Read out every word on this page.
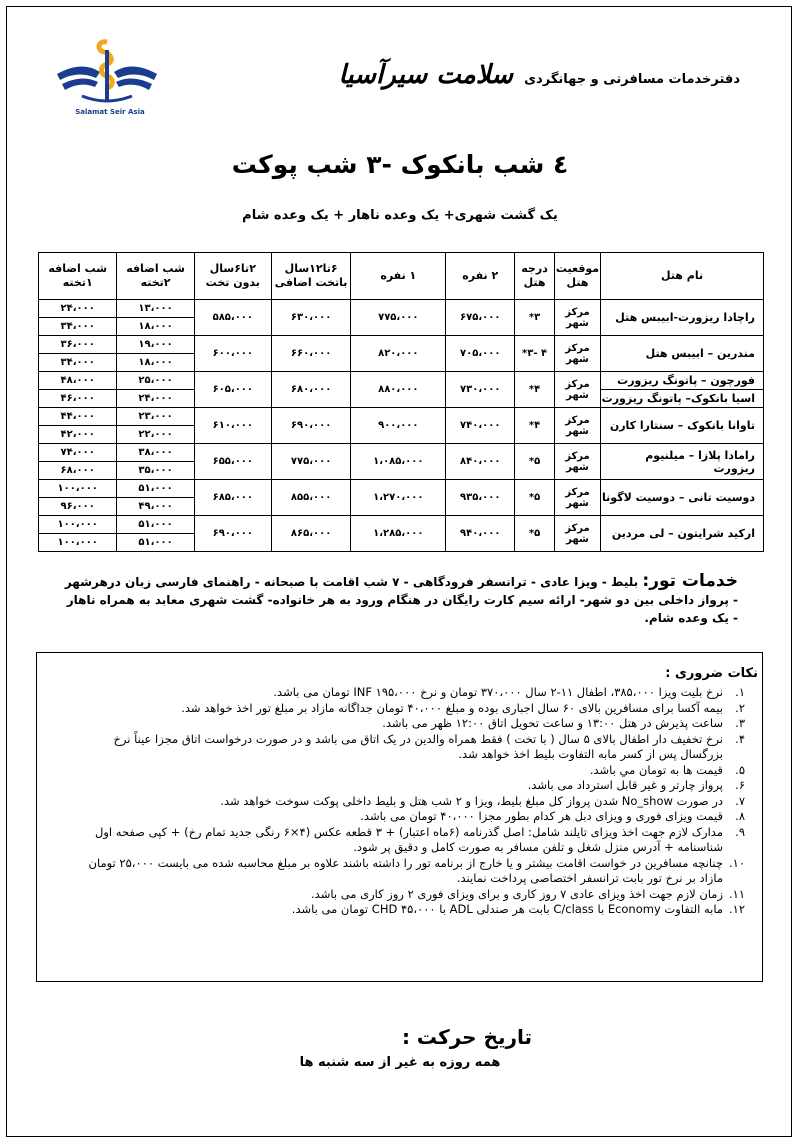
Salamat Seir Asia
دفترخدمات مسافرتی و جهانگردی سلامت سیرآسیا
٤ شب بانکوک -٣ شب پوکت
یک گشت شهری+ یک وعده ناهار + یک وعده شام
نام هتل	موقعیت هتل	درجه هتل	۲ نفره	۱ نفره	۶تا۱۲سال باتخت اضافی	۲تا۶سال بدون تخت	شب اضافه ۲تخته	شب اضافه ۱تخته
راچادا ریزورت-ابیبس هتل	مرکز شهر	۳*	۶۷۵،۰۰۰	۷۷۵،۰۰۰	۶۳۰،۰۰۰	۵۸۵،۰۰۰	۱۳،۰۰۰	۲۴،۰۰۰
							۱۸،۰۰۰	۳۴،۰۰۰
مندرین – ابیبس هتل	مرکز شهر	۴ -۳*	۷۰۵،۰۰۰	۸۲۰،۰۰۰	۶۶۰،۰۰۰	۶۰۰،۰۰۰	۱۹،۰۰۰	۳۶،۰۰۰
							۱۸،۰۰۰	۳۴،۰۰۰
فورچون – پاتونگ ریزورت	مرکز شهر	۴*	۷۳۰،۰۰۰	۸۸۰،۰۰۰	۶۸۰،۰۰۰	۶۰۵،۰۰۰	۲۵،۰۰۰	۴۸،۰۰۰
اسیا بانکوک– پاتونگ ریزورت							۲۴،۰۰۰	۴۶،۰۰۰
تاوانا بانکوک – سنتارا کارن	مرکز شهر	۴*	۷۴۰،۰۰۰	۹۰۰،۰۰۰	۶۹۰،۰۰۰	۶۱۰،۰۰۰	۲۳،۰۰۰	۴۴،۰۰۰
							۲۲،۰۰۰	۴۲،۰۰۰
رامادا پلازا – میلنیوم ریزورت	مرکز شهر	۵*	۸۴۰،۰۰۰	۱،۰۸۵،۰۰۰	۷۷۵،۰۰۰	۶۵۵،۰۰۰	۳۸،۰۰۰	۷۴،۰۰۰
							۳۵،۰۰۰	۶۸،۰۰۰
دوسیت تانی – دوسیت لاگونا	مرکز شهر	۵*	۹۳۵،۰۰۰	۱،۲۷۰،۰۰۰	۸۵۵،۰۰۰	۶۸۵،۰۰۰	۵۱،۰۰۰	۱۰۰،۰۰۰
							۴۹،۰۰۰	۹۶،۰۰۰
ارکید شرایتون – لی مردین	مرکز شهر	۵*	۹۴۰،۰۰۰	۱،۲۸۵،۰۰۰	۸۶۵،۰۰۰	۶۹۰،۰۰۰	۵۱،۰۰۰	۱۰۰،۰۰۰
							۵۱،۰۰۰	۱۰۰،۰۰۰
خدمات تور: بلیط - ویزا عادی - ترانسفر فرودگاهی - ۷ شب اقامت با صبحانه - راهنمای فارسی زبان درهرشهر - پرواز داخلی بین دو شهر- ارائه سیم کارت رایگان در هنگام ورود به هر خانواده- گشت شهری معابد به همراه ناهار - یک وعده شام.
نکات ضروری :
۱.
نرخ بلیت ویزا ۳۸۵،۰۰۰، اطفال ۱۱-۲ سال ۳۷۰،۰۰۰ تومان و نرخ INF ۱۹۵،۰۰۰ تومان می باشد.
۲.
بیمه آکسا برای مسافرین بالای ۶۰ سال اجباری بوده و مبلغ ۴۰،۰۰۰ تومان جداگانه مازاد بر مبلغ تور اخذ خواهد شد.
۳.
ساعت پذیرش در هتل ۱۳:۰۰ و ساعت تحویل اتاق ۱۲:۰۰ ظهر می باشد.
۴.
نرخ تخفیف دار اطفال بالای ۵ سال ( با تخت ) فقط همراه والدین در یک اتاق می باشد و در صورت درخواست اتاق مجزا عیناً نرخ بزرگسال پس از کسر مابه التفاوت بلیط اخذ خواهد شد.
۵.
قیمت ها به تومان مي باشد.
۶.
پرواز چارتر و غیر قابل استرداد می باشد.
۷.
در صورت No_show شدن پرواز کل مبلغ بلیط، ویزا و ۲ شب هتل و بلیط داخلی پوکت سوخت خواهد شد.
۸.
قیمت ویزای فوری و ویزای دبل هر کدام بطور مجزا ۴۰،۰۰۰ تومان می باشد.
۹.
مدارک لازم جهت اخذ ویزای تایلند شامل: اصل گذرنامه (۶ماه اعتبار) + ۳ قطعه عکس (۴×۶ رنگی جدید تمام رخ) + کپی صفحه اول شناسنامه + آدرس منزل شغل و تلفن مسافر به صورت کامل و دقیق پر شود.
۱۰.
چنانچه مسافرین در خواست اقامت بیشتر و یا خارج از برنامه تور را داشته باشند علاوه بر مبلغ محاسبه شده می بایست ۲۵،۰۰۰ تومان مازاد بر نرخ تور بابت ترانسفر اختصاصی پرداخت نمایند.
۱۱.
زمان لازم جهت اخذ ویزای عادی ۷ روز کاری و برای ویزای فوری ۲ روز کاری می باشد.
۱۲.
مابه التفاوت Economy با C/class بابت هر صندلی ADL با CHD ۴۵،۰۰۰ تومان می باشد.
تاریخ حرکت :
همه روزه به غیر از سه شنبه ها
